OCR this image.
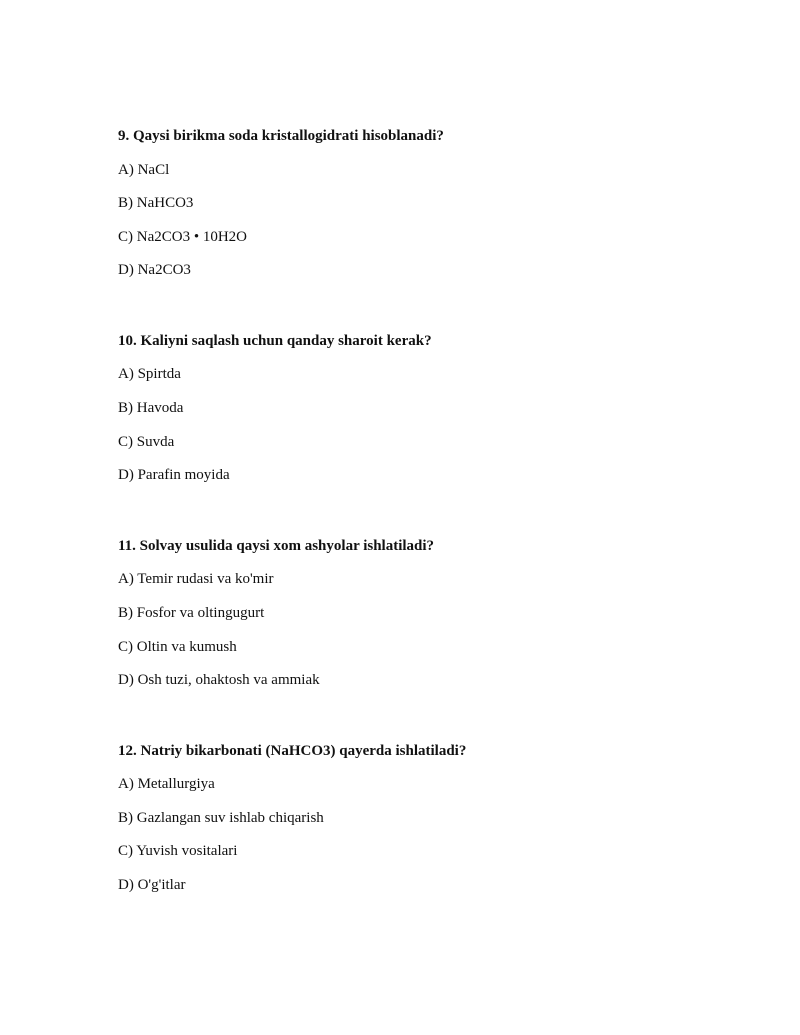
9. Qaysi birikma soda kristallogidrati hisoblanadi?
A) NaCl
B) NaHCO3
C) Na2CO3 • 10H2O
D) Na2CO3
10. Kaliyni saqlash uchun qanday sharoit kerak?
A) Spirtda
B) Havoda
C) Suvda
D) Parafin moyida
11. Solvay usulida qaysi xom ashyolar ishlatiladi?
A) Temir rudasi va ko'mir
B) Fosfor va oltingugurt
C) Oltin va kumush
D) Osh tuzi, ohaktosh va ammiak
12. Natriy bikarbonati (NaHCO3) qayerda ishlatiladi?
A) Metallurgiya
B) Gazlangan suv ishlab chiqarish
C) Yuvish vositalari
D) O'g'itlar
